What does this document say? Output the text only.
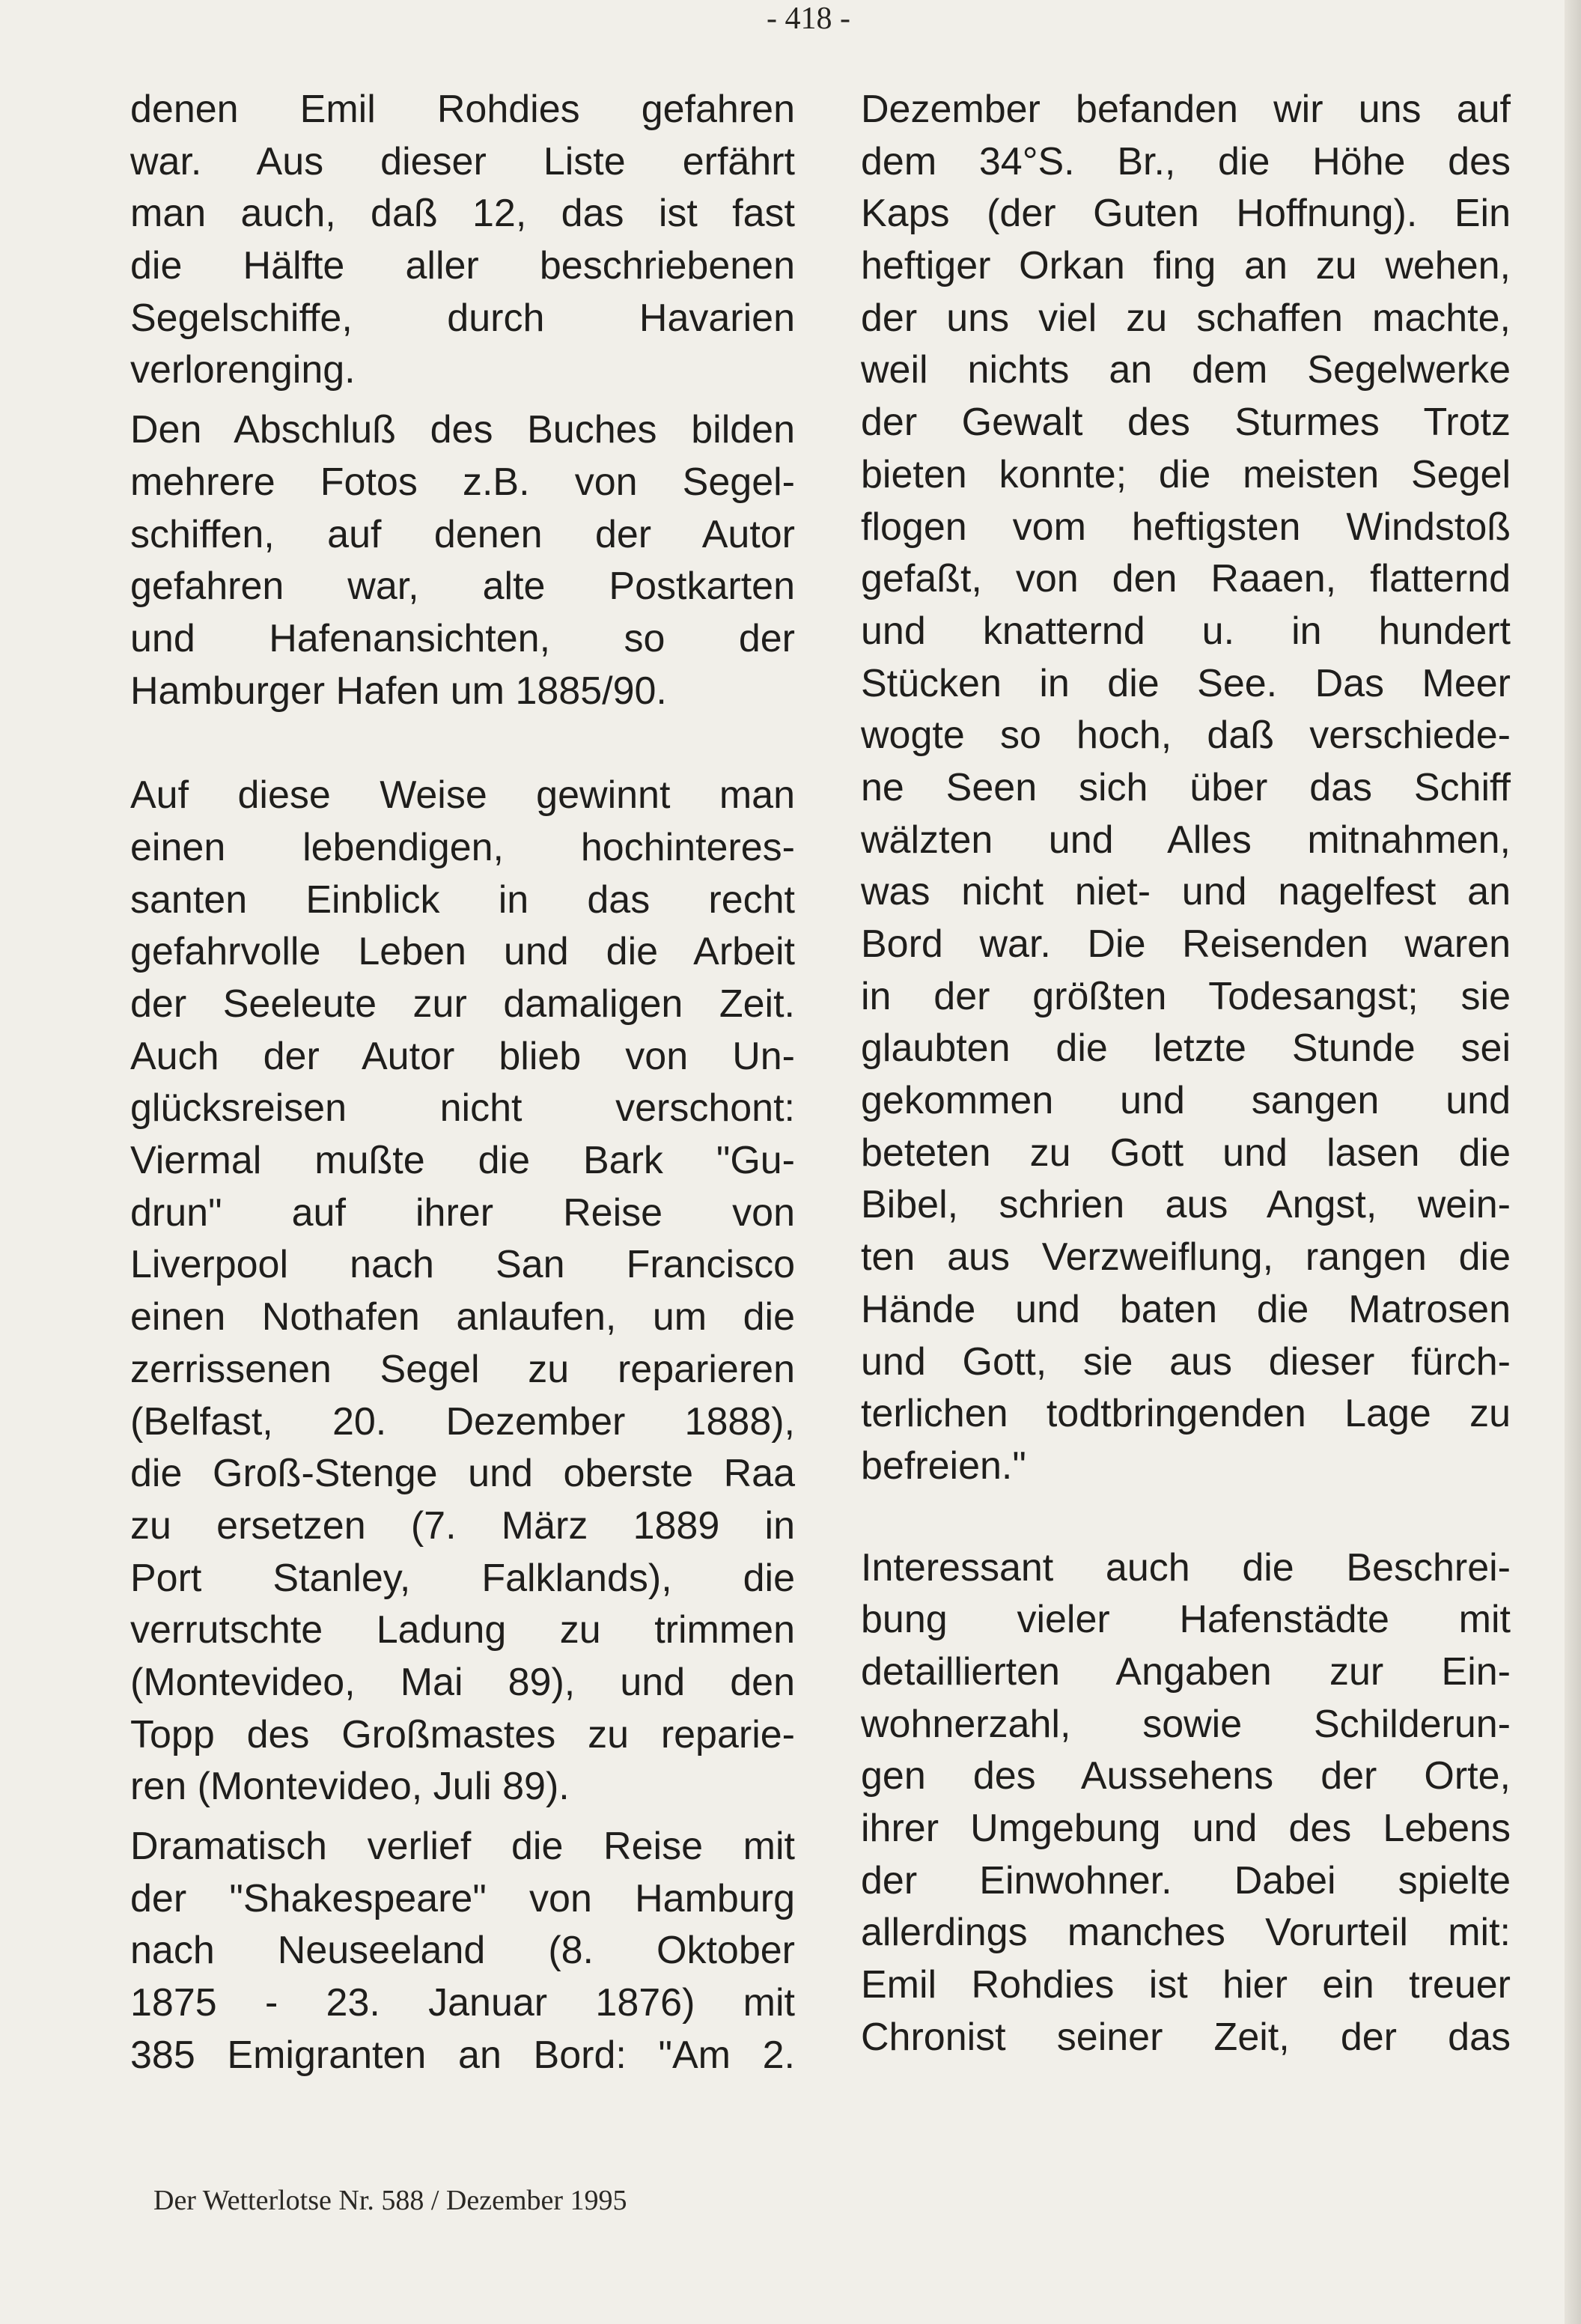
- 418 -
denen Emil Rohdies gefahren
war. Aus dieser Liste erfährt
man auch, daß 12, das ist fast
die Hälfte aller beschriebenen
Segelschiffe, durch Havarien
verlorenging.
Den Abschluß des Buches bilden
mehrere Fotos z.B. von Segel-
schiffen, auf denen der Autor
gefahren war, alte Postkarten
und Hafenansichten, so der
Hamburger Hafen um 1885/90.
Auf diese Weise gewinnt man
einen lebendigen, hochinteres-
santen Einblick in das recht
gefahrvolle Leben und die Arbeit
der Seeleute zur damaligen Zeit.
Auch der Autor blieb von Un-
glücksreisen nicht verschont:
Viermal mußte die Bark "Gu-
drun" auf ihrer Reise von
Liverpool nach San Francisco
einen Nothafen anlaufen, um die
zerrissenen Segel zu reparieren
(Belfast, 20. Dezember 1888),
die Groß-Stenge und oberste Raa
zu ersetzen (7. März 1889 in
Port Stanley, Falklands), die
verrutschte Ladung zu trimmen
(Montevideo, Mai 89), und den
Topp des Großmastes zu reparie-
ren (Montevideo, Juli 89).
Dramatisch verlief die Reise mit
der "Shakespeare" von Hamburg
nach Neuseeland (8. Oktober
1875 - 23. Januar 1876) mit
385 Emigranten an Bord: "Am 2.
Dezember befanden wir uns auf
dem 34°S. Br., die Höhe des
Kaps (der Guten Hoffnung). Ein
heftiger Orkan fing an zu wehen,
der uns viel zu schaffen machte,
weil nichts an dem Segelwerke
der Gewalt des Sturmes Trotz
bieten konnte; die meisten Segel
flogen vom heftigsten Windstoß
gefaßt, von den Raaen, flatternd
und knatternd u. in hundert
Stücken in die See. Das Meer
wogte so hoch, daß verschiede-
ne Seen sich über das Schiff
wälzten und Alles mitnahmen,
was nicht niet- und nagelfest an
Bord war. Die Reisenden waren
in der größten Todesangst; sie
glaubten die letzte Stunde sei
gekommen und sangen und
beteten zu Gott und lasen die
Bibel, schrien aus Angst, wein-
ten aus Verzweiflung, rangen die
Hände und baten die Matrosen
und Gott, sie aus dieser fürch-
terlichen todtbringenden Lage zu
befreien."
Interessant auch die Beschrei-
bung vieler Hafenstädte mit
detaillierten Angaben zur Ein-
wohnerzahl, sowie Schilderun-
gen des Aussehens der Orte,
ihrer Umgebung und des Lebens
der Einwohner. Dabei spielte
allerdings manches Vorurteil mit:
Emil Rohdies ist hier ein treuer
Chronist seiner Zeit, der das
Der Wetterlotse Nr. 588 / Dezember 1995
